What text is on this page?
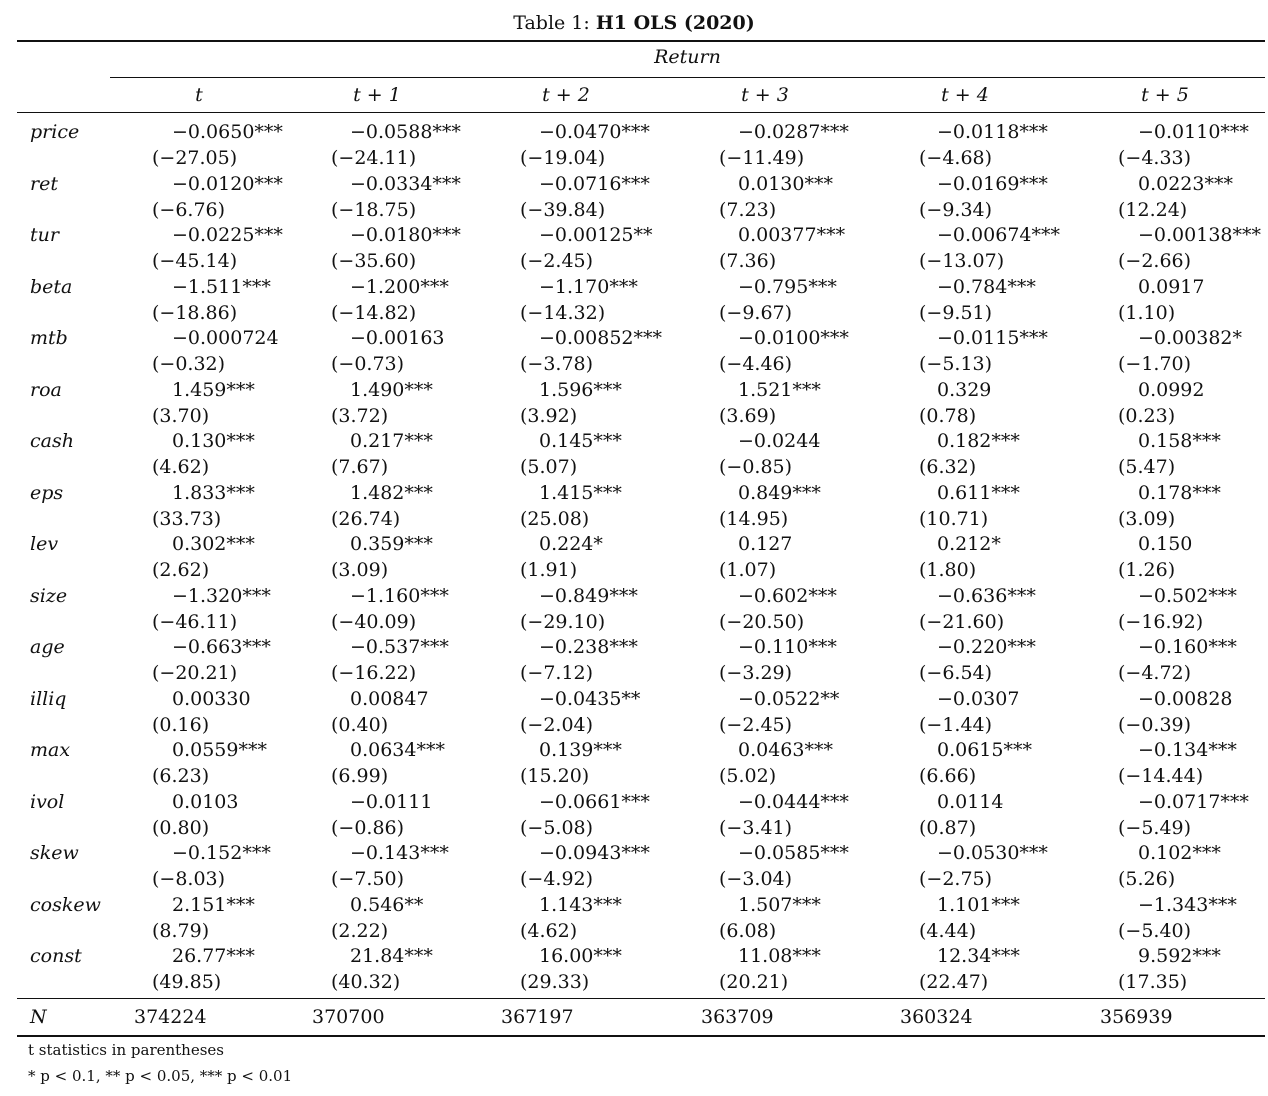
Table 1: H1 OLS (2020)
Return
t	t + 1	t + 2	t + 3	t + 4	t + 5
price	−0.0650***	−0.0588***	−0.0470***	−0.0287***	−0.0118***	−0.0110***
(−27.05)	(−24.11)	(−19.04)	(−11.49)	(−4.68)	(−4.33)
ret	−0.0120***	−0.0334***	−0.0716***	0.0130***	−0.0169***	0.0223***
(−6.76)	(−18.75)	(−39.84)	(7.23)	(−9.34)	(12.24)
tur	−0.0225***	−0.0180***	−0.00125**	0.00377***	−0.00674***	−0.00138***
(−45.14)	(−35.60)	(−2.45)	(7.36)	(−13.07)	(−2.66)
beta	−1.511***	−1.200***	−1.170***	−0.795***	−0.784***	0.0917
(−18.86)	(−14.82)	(−14.32)	(−9.67)	(−9.51)	(1.10)
mtb	−0.000724	−0.00163	−0.00852***	−0.0100***	−0.0115***	−0.00382*
(−0.32)	(−0.73)	(−3.78)	(−4.46)	(−5.13)	(−1.70)
roa	1.459***	1.490***	1.596***	1.521***	0.329	0.0992
(3.70)	(3.72)	(3.92)	(3.69)	(0.78)	(0.23)
cash	0.130***	0.217***	0.145***	−0.0244	0.182***	0.158***
(4.62)	(7.67)	(5.07)	(−0.85)	(6.32)	(5.47)
eps	1.833***	1.482***	1.415***	0.849***	0.611***	0.178***
(33.73)	(26.74)	(25.08)	(14.95)	(10.71)	(3.09)
lev	0.302***	0.359***	0.224*	0.127	0.212*	0.150
(2.62)	(3.09)	(1.91)	(1.07)	(1.80)	(1.26)
size	−1.320***	−1.160***	−0.849***	−0.602***	−0.636***	−0.502***
(−46.11)	(−40.09)	(−29.10)	(−20.50)	(−21.60)	(−16.92)
age	−0.663***	−0.537***	−0.238***	−0.110***	−0.220***	−0.160***
(−20.21)	(−16.22)	(−7.12)	(−3.29)	(−6.54)	(−4.72)
illiq	0.00330	0.00847	−0.0435**	−0.0522**	−0.0307	−0.00828
(0.16)	(0.40)	(−2.04)	(−2.45)	(−1.44)	(−0.39)
max	0.0559***	0.0634***	0.139***	0.0463***	0.0615***	−0.134***
(6.23)	(6.99)	(15.20)	(5.02)	(6.66)	(−14.44)
ivol	0.0103	−0.0111	−0.0661***	−0.0444***	0.0114	−0.0717***
(0.80)	(−0.86)	(−5.08)	(−3.41)	(0.87)	(−5.49)
skew	−0.152***	−0.143***	−0.0943***	−0.0585***	−0.0530***	0.102***
(−8.03)	(−7.50)	(−4.92)	(−3.04)	(−2.75)	(5.26)
coskew	2.151***	0.546**	1.143***	1.507***	1.101***	−1.343***
(8.79)	(2.22)	(4.62)	(6.08)	(4.44)	(−5.40)
const	26.77***	21.84***	16.00***	11.08***	12.34***	9.592***
(49.85)	(40.32)	(29.33)	(20.21)	(22.47)	(17.35)
N	374224	370700	367197	363709	360324	356939
t statistics in parentheses
* p < 0.1, ** p < 0.05, *** p < 0.01
